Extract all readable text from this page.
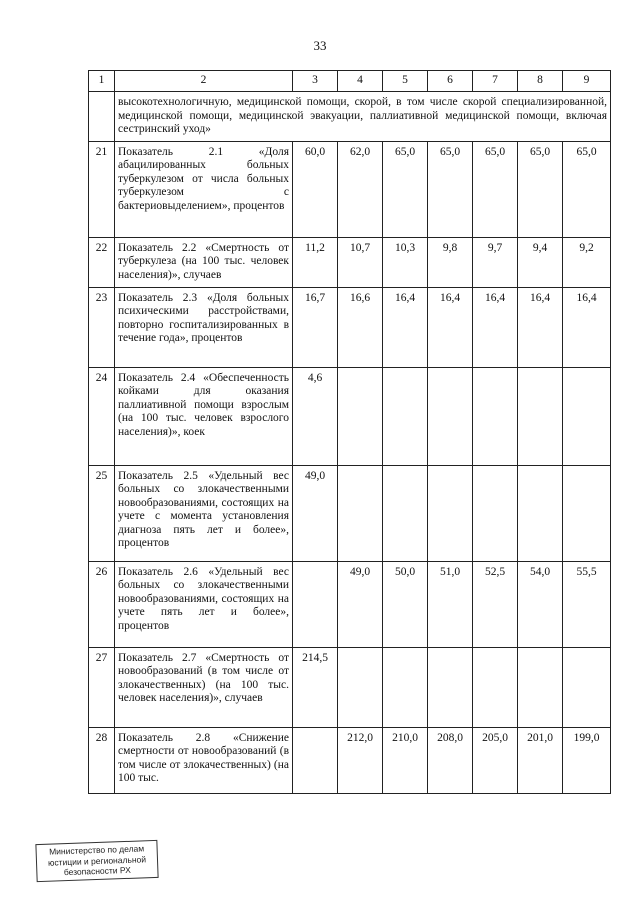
33
1	2	3	4	5	6	7	8	9
	высокотехнологичную, медицинской помощи, скорой, в том числе скорой специализированной, медицинской помощи, медицинской эвакуации, паллиативной медицинской помощи, включая сестринский уход»							
21	Показатель 2.1 «Доля абацилированных больных туберкулезом от числа больных туберкулезом с бактериовыделением», процентов	60,0	62,0	65,0	65,0	65,0	65,0	65,0
22	Показатель 2.2 «Смертность от туберкулеза (на 100 тыс. человек населения)», случаев	11,2	10,7	10,3	9,8	9,7	9,4	9,2
23	Показатель 2.3 «Доля больных психическими расстройствами, повторно госпитализированных в течение года», процентов	16,7	16,6	16,4	16,4	16,4	16,4	16,4
24	Показатель 2.4 «Обеспеченность койками для оказания паллиативной помощи взрослым (на 100 тыс. человек взрослого населения)», коек	4,6						
25	Показатель 2.5 «Удельный вес больных со злокачественными новообразованиями, состоящих на учете с момента установления диагноза пять лет и более», процентов	49,0						
26	Показатель 2.6 «Удельный вес больных со злокачественными новообразованиями, состоящих на учете пять лет и более», процентов		49,0	50,0	51,0	52,5	54,0	55,5
27	Показатель 2.7 «Смертность от новообразований (в том числе от злокачественных) (на 100 тыс. человек населения)», случаев	214,5						
28	Показатель 2.8 «Снижение смертности от новообразований (в том числе от злокачественных) (на 100 тыс.		212,0	210,0	208,0	205,0	201,0	199,0
Министерство по делам юстиции и региональной безопасности РХ
